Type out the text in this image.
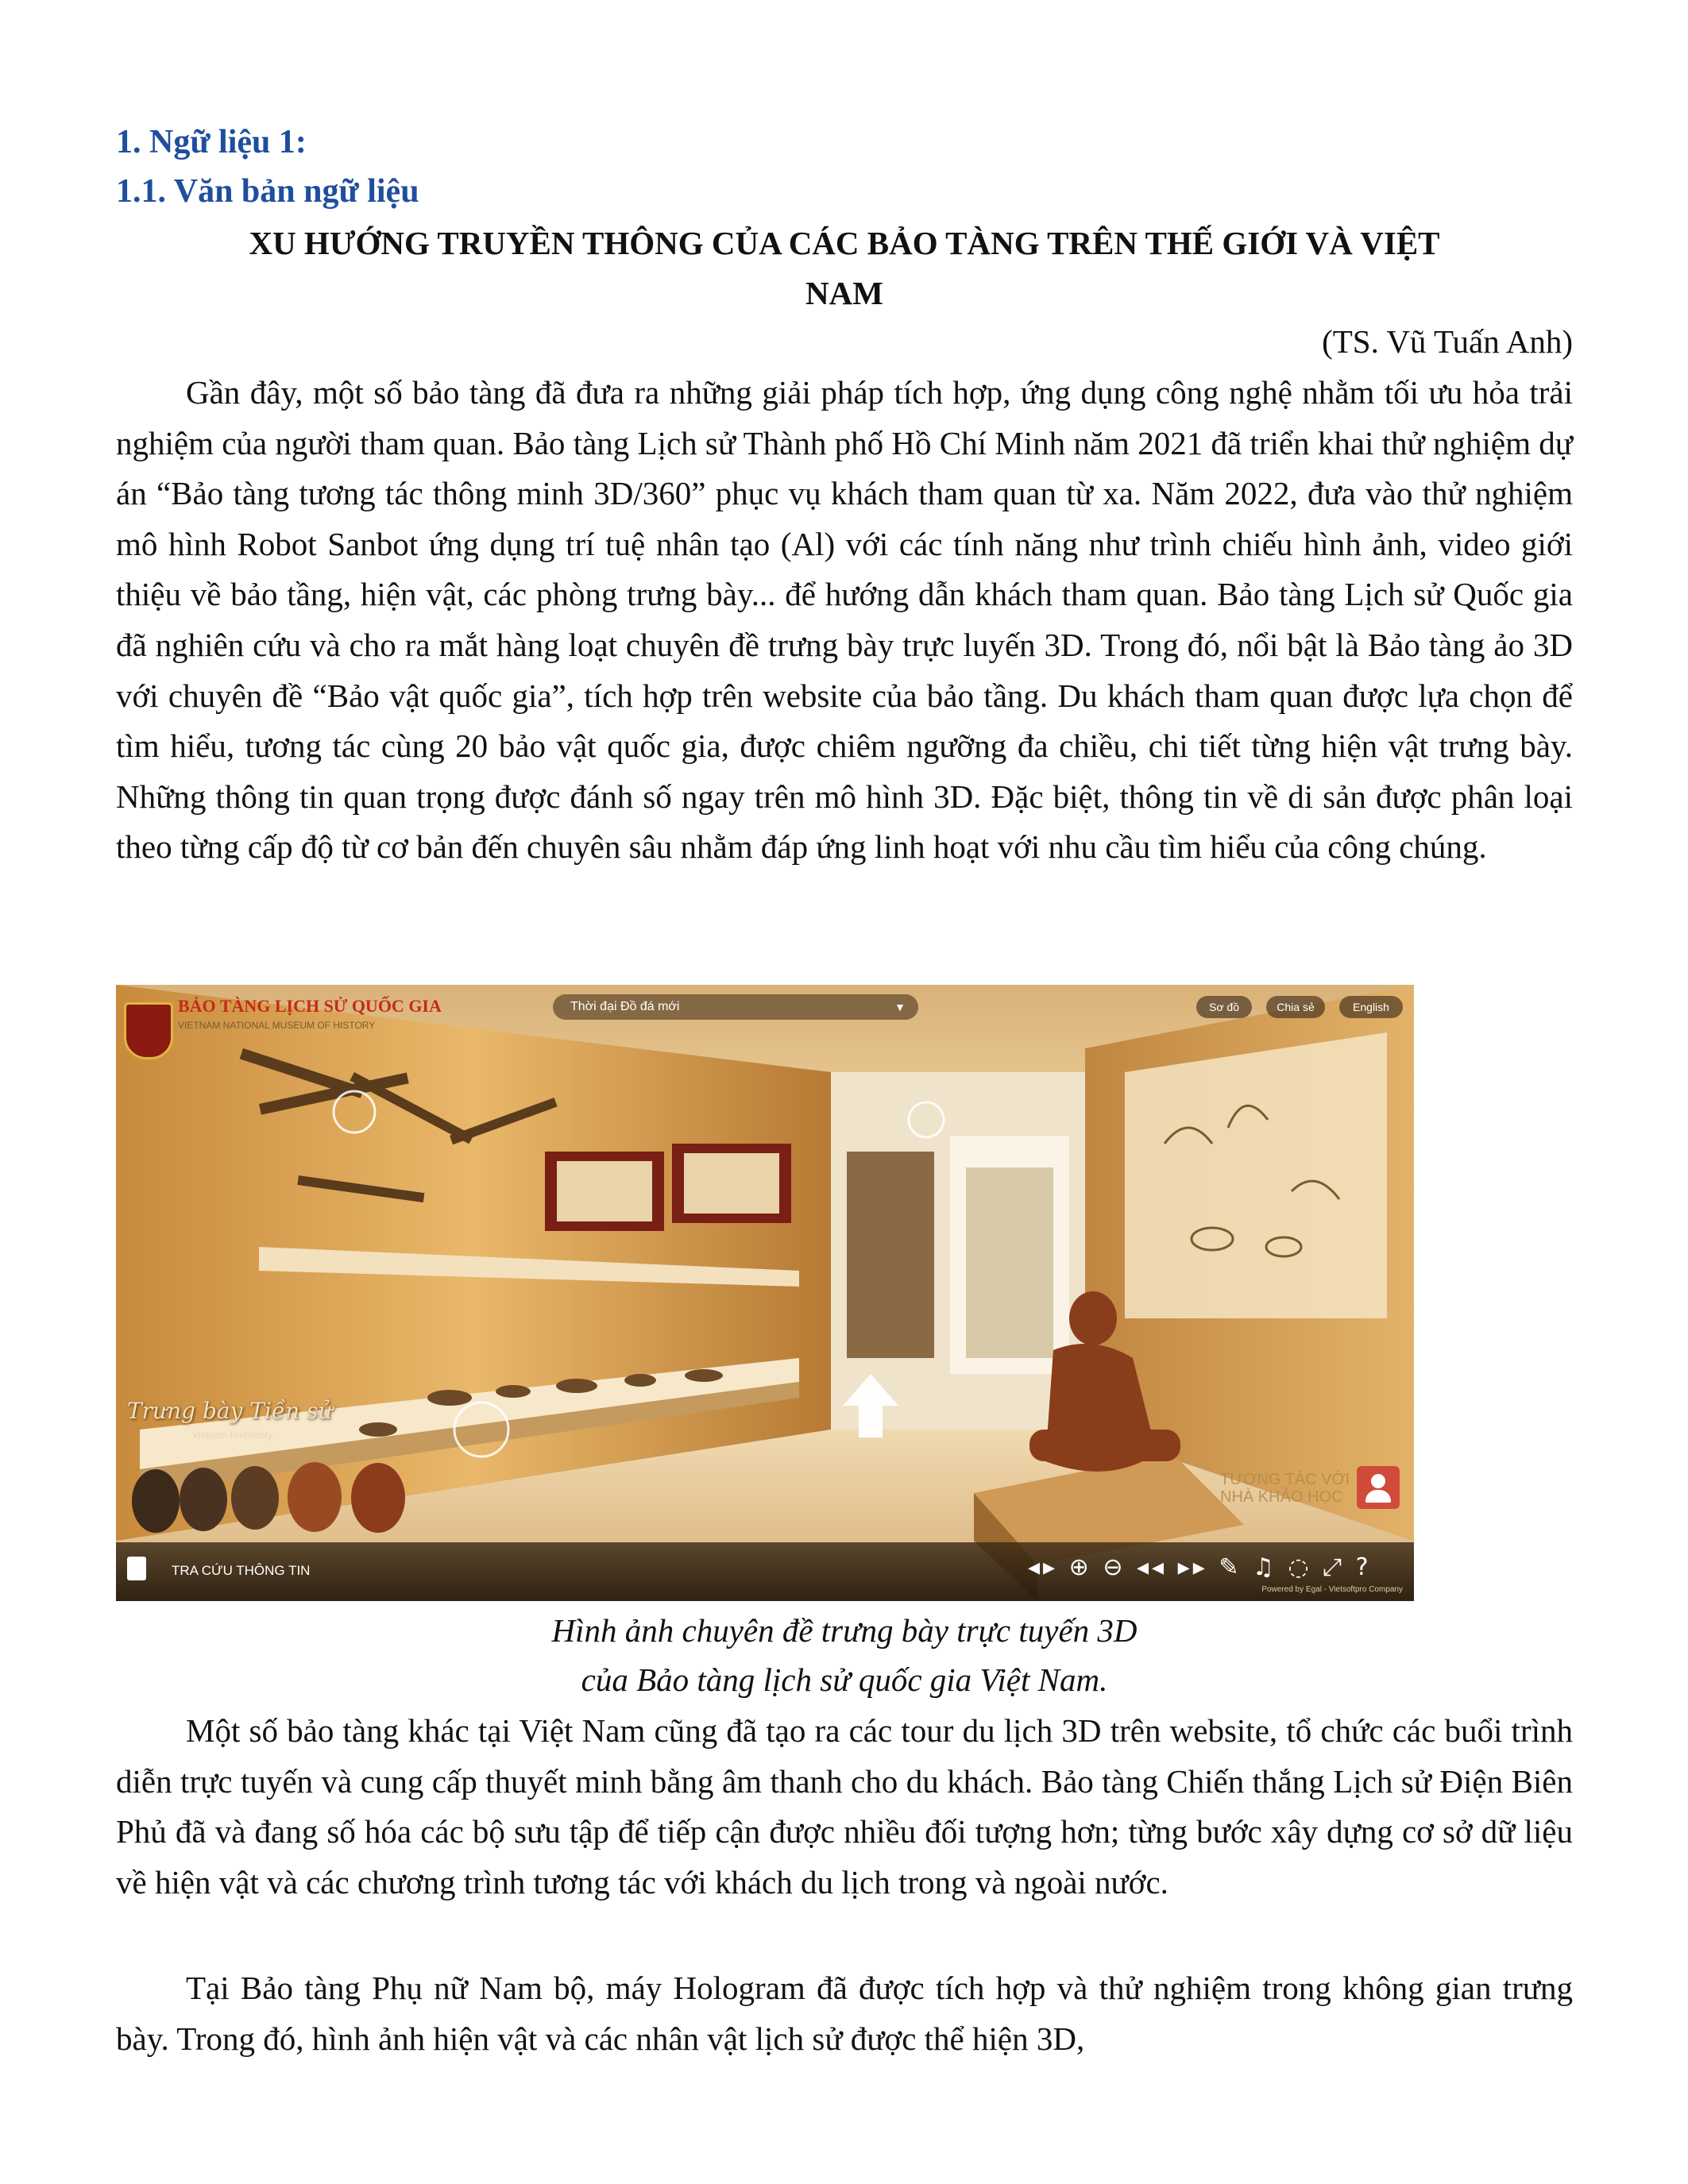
1. Ngữ liệu 1:
1.1. Văn bản ngữ liệu
XU HƯỚNG TRUYỀN THÔNG CỦA CÁC BẢO TÀNG TRÊN THẾ GIỚI VÀ VIỆT
NAM
(TS. Vũ Tuấn Anh)

Gần đây, một số bảo tàng đã đưa ra những giải pháp tích hợp, ứng dụng công nghệ nhằm tối ưu hỏa trải nghiệm của người tham quan. Bảo tàng Lịch sử Thành phố Hồ Chí Minh năm 2021 đã triển khai thử nghiệm dự án “Bảo tàng tương tác thông minh 3D/360” phục vụ khách tham quan từ xa. Năm 2022, đưa vào thử nghiệm mô hình Robot Sanbot ứng dụng trí tuệ nhân tạo (Al) với các tính năng như trình chiếu hình ảnh, video giới thiệu về bảo tầng, hiện vật, các phòng trưng bày... để hướng dẫn khách tham quan. Bảo tàng Lịch sử Quốc gia đã nghiên cứu và cho ra mắt hàng loạt chuyên đề trưng bày trực luyến 3D. Trong đó, nổi bật là Bảo tàng ảo 3D với chuyên đề “Bảo vật quốc gia”, tích hợp trên website của bảo tầng. Du khách tham quan được lựa chọn để tìm hiểu, tương tác cùng 20 bảo vật quốc gia, được chiêm ngưỡng đa chiều, chi tiết từng hiện vật trưng bày. Những thông tin quan trọng được đánh số ngay trên mô hình 3D. Đặc biệt, thông tin về di sản được phân loại theo từng cấp độ từ cơ bản đến chuyên sâu nhằm đáp ứng linh hoạt với nhu cầu tìm hiểu của công chúng.

BẢO TÀNG LỊCH SỬ QUỐC GIA
VIETNAM NATIONAL MUSEUM OF HISTORY
Thời đại Đồ đá mới	▼	Sơ đồ	Chia sẻ	English
Trưng bày Tiền sử
Vietnam Prehistory
TƯƠNG TÁC VỚI
NHÀ KHẢO HỌC
TRA CỨU THÔNG TIN	◂▸ ⊕ ⊖ ◂◂ ▸▸ ✎ ♫ ◌ ⤢ ?
Powered by Egal - Vietsoftpro Company
Hình ảnh chuyên đề trưng bày trực tuyến 3D
của Bảo tàng lịch sử quốc gia Việt Nam.

Một số bảo tàng khác tại Việt Nam cũng đã tạo ra các tour du lịch 3D trên website, tổ chức các buổi trình diễn trực tuyến và cung cấp thuyết minh bằng âm thanh cho du khách. Bảo tàng Chiến thắng Lịch sử Điện Biên Phủ đã và đang số hóa các bộ sưu tập để tiếp cận được nhiều đối tượng hơn; từng bước xây dựng cơ sở dữ liệu về hiện vật và các chương trình tương tác với khách du lịch trong và ngoài nước.

Tại Bảo tàng Phụ nữ Nam bộ, máy Hologram đã được tích hợp và thử nghiệm trong không gian trưng bày. Trong đó, hình ảnh hiện vật và các nhân vật lịch sử được thể hiện 3D,
